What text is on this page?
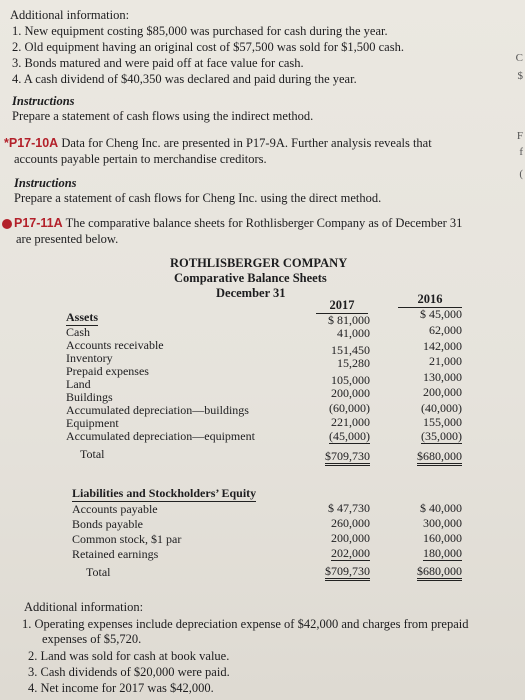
Additional information:
1. New equipment costing $85,000 was purchased for cash during the year.
2. Old equipment having an original cost of $57,500 was sold for $1,500 cash.
3. Bonds matured and were paid off at face value for cash.
4. A cash dividend of $40,350 was declared and paid during the year.
Instructions
Prepare a statement of cash flows using the indirect method.
*P17-10A Data for Cheng Inc. are presented in P17-9A. Further analysis reveals that
accounts payable pertain to merchandise creditors.
Instructions
Prepare a statement of cash flows for Cheng Inc. using the direct method.
P17-11A The comparative balance sheets for Rothlisberger Company as of December 31
are presented below.
ROTHLISBERGER COMPANY
Comparative Balance Sheets
December 31
2017	2016
Assets
Cash
Accounts receivable
Inventory
Prepaid expenses
Land
Buildings
Accumulated depreciation—buildings
Equipment
Accumulated depreciation—equipment
Total
$ 81,000
41,000
151,450
15,280
105,000
200,000
(60,000)
221,000
(45,000)
$709,730
$ 45,000
62,000
142,000
21,000
130,000
200,000
(40,000)
155,000
(35,000)
$680,000
Liabilities and Stockholders’ Equity
Accounts payable
Bonds payable
Common stock, $1 par
Retained earnings
Total
$ 47,730
260,000
200,000
202,000
$709,730
$ 40,000
300,000
160,000
180,000
$680,000
Additional information:
1. Operating expenses include depreciation expense of $42,000 and charges from prepaid
expenses of $5,720.
2. Land was sold for cash at book value.
3. Cash dividends of $20,000 were paid.
4. Net income for 2017 was $42,000.
C
$
F
f
(
